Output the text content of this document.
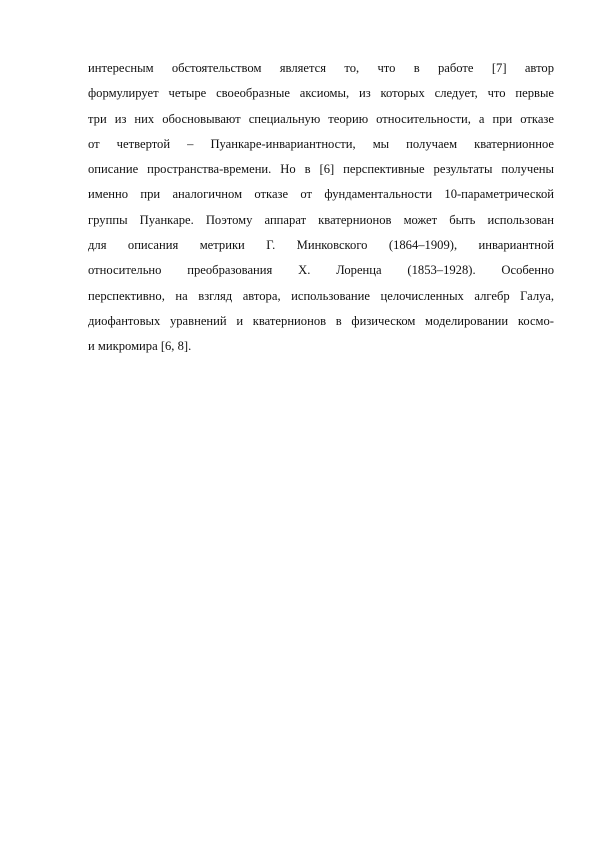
интересным обстоятельством является то, что в работе [7] автор
формулирует четыре своеобразные аксиомы, из которых следует, что первые
три из них обосновывают специальную теорию относительности, а при отказе
от четвертой – Пуанкаре-инвариантности, мы получаем кватернионное
описание пространства-времени. Но в [6] перспективные результаты получены
именно при аналогичном отказе от фундаментальности 10-параметрической
группы Пуанкаре. Поэтому аппарат кватернионов может быть использован
для описания метрики Г. Минковского (1864–1909), инвариантной
относительно преобразования Х. Лоренца (1853–1928). Особенно
перспективно, на взгляд автора, использование целочисленных алгебр Галуа,
диофантовых уравнений и кватернионов в физическом моделировании космо-
и микромира [6, 8].
